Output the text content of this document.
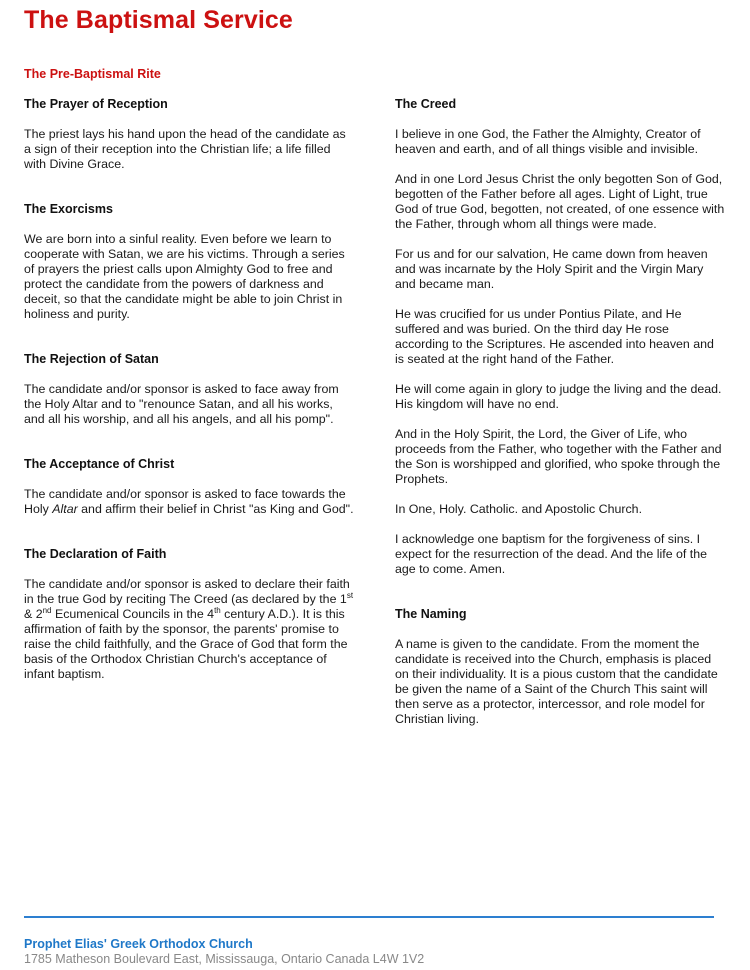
The Baptismal Service
The Pre-Baptismal Rite
The Prayer of Reception

The priest lays his hand upon the head of the candidate as a sign of their reception into the Christian life; a life filled with Divine Grace.

The Exorcisms

We are born into a sinful reality. Even before we learn to cooperate with Satan, we are his victims. Through a series of prayers the priest calls upon Almighty God to free and protect the candidate from the powers of darkness and deceit, so that the candidate might be able to join Christ in holiness and purity.

The Rejection of Satan

The candidate and/or sponsor is asked to face away from the Holy Altar and to "renounce Satan, and all his works, and all his worship, and all his angels, and all his pomp".

The Acceptance of Christ

The candidate and/or sponsor is asked to face towards the Holy Altar and affirm their belief in Christ "as King and God".

The Declaration of Faith

The candidate and/or sponsor is asked to declare their faith in the true God by reciting The Creed (as declared by the 1st & 2nd Ecumenical Councils in the 4th century A.D.). It is this affirmation of faith by the sponsor, the parents' promise to raise the child faithfully, and the Grace of God that form the basis of the Orthodox Christian Church's acceptance of infant baptism.

The Creed

I believe in one God, the Father the Almighty, Creator of heaven and earth, and of all things visible and invisible.

And in one Lord Jesus Christ the only begotten Son of God, begotten of the Father before all ages. Light of Light, true God of true God, begotten, not created, of one essence with the Father, through whom all things were made.

For us and for our salvation, He came down from heaven and was incarnate by the Holy Spirit and the Virgin Mary and became man.

He was crucified for us under Pontius Pilate, and He suffered and was buried. On the third day He rose according to the Scriptures. He ascended into heaven and is seated at the right hand of the Father.

He will come again in glory to judge the living and the dead. His kingdom will have no end.

And in the Holy Spirit, the Lord, the Giver of Life, who proceeds from the Father, who together with the Father and the Son is worshipped and glorified, who spoke through the Prophets.

In One, Holy. Catholic. and Apostolic Church.

I acknowledge one baptism for the forgiveness of sins. I expect for the resurrection of the dead. And the life of the age to come. Amen.

The Naming

A name is given to the candidate. From the moment the candidate is received into the Church, emphasis is placed on their individuality. It is a pious custom that the candidate be given the name of a Saint of the Church This saint will then serve as a protector, intercessor, and role model for Christian living.

Prophet Elias' Greek Orthodox Church
1785 Matheson Boulevard East, Mississauga, Ontario Canada L4W 1V2
